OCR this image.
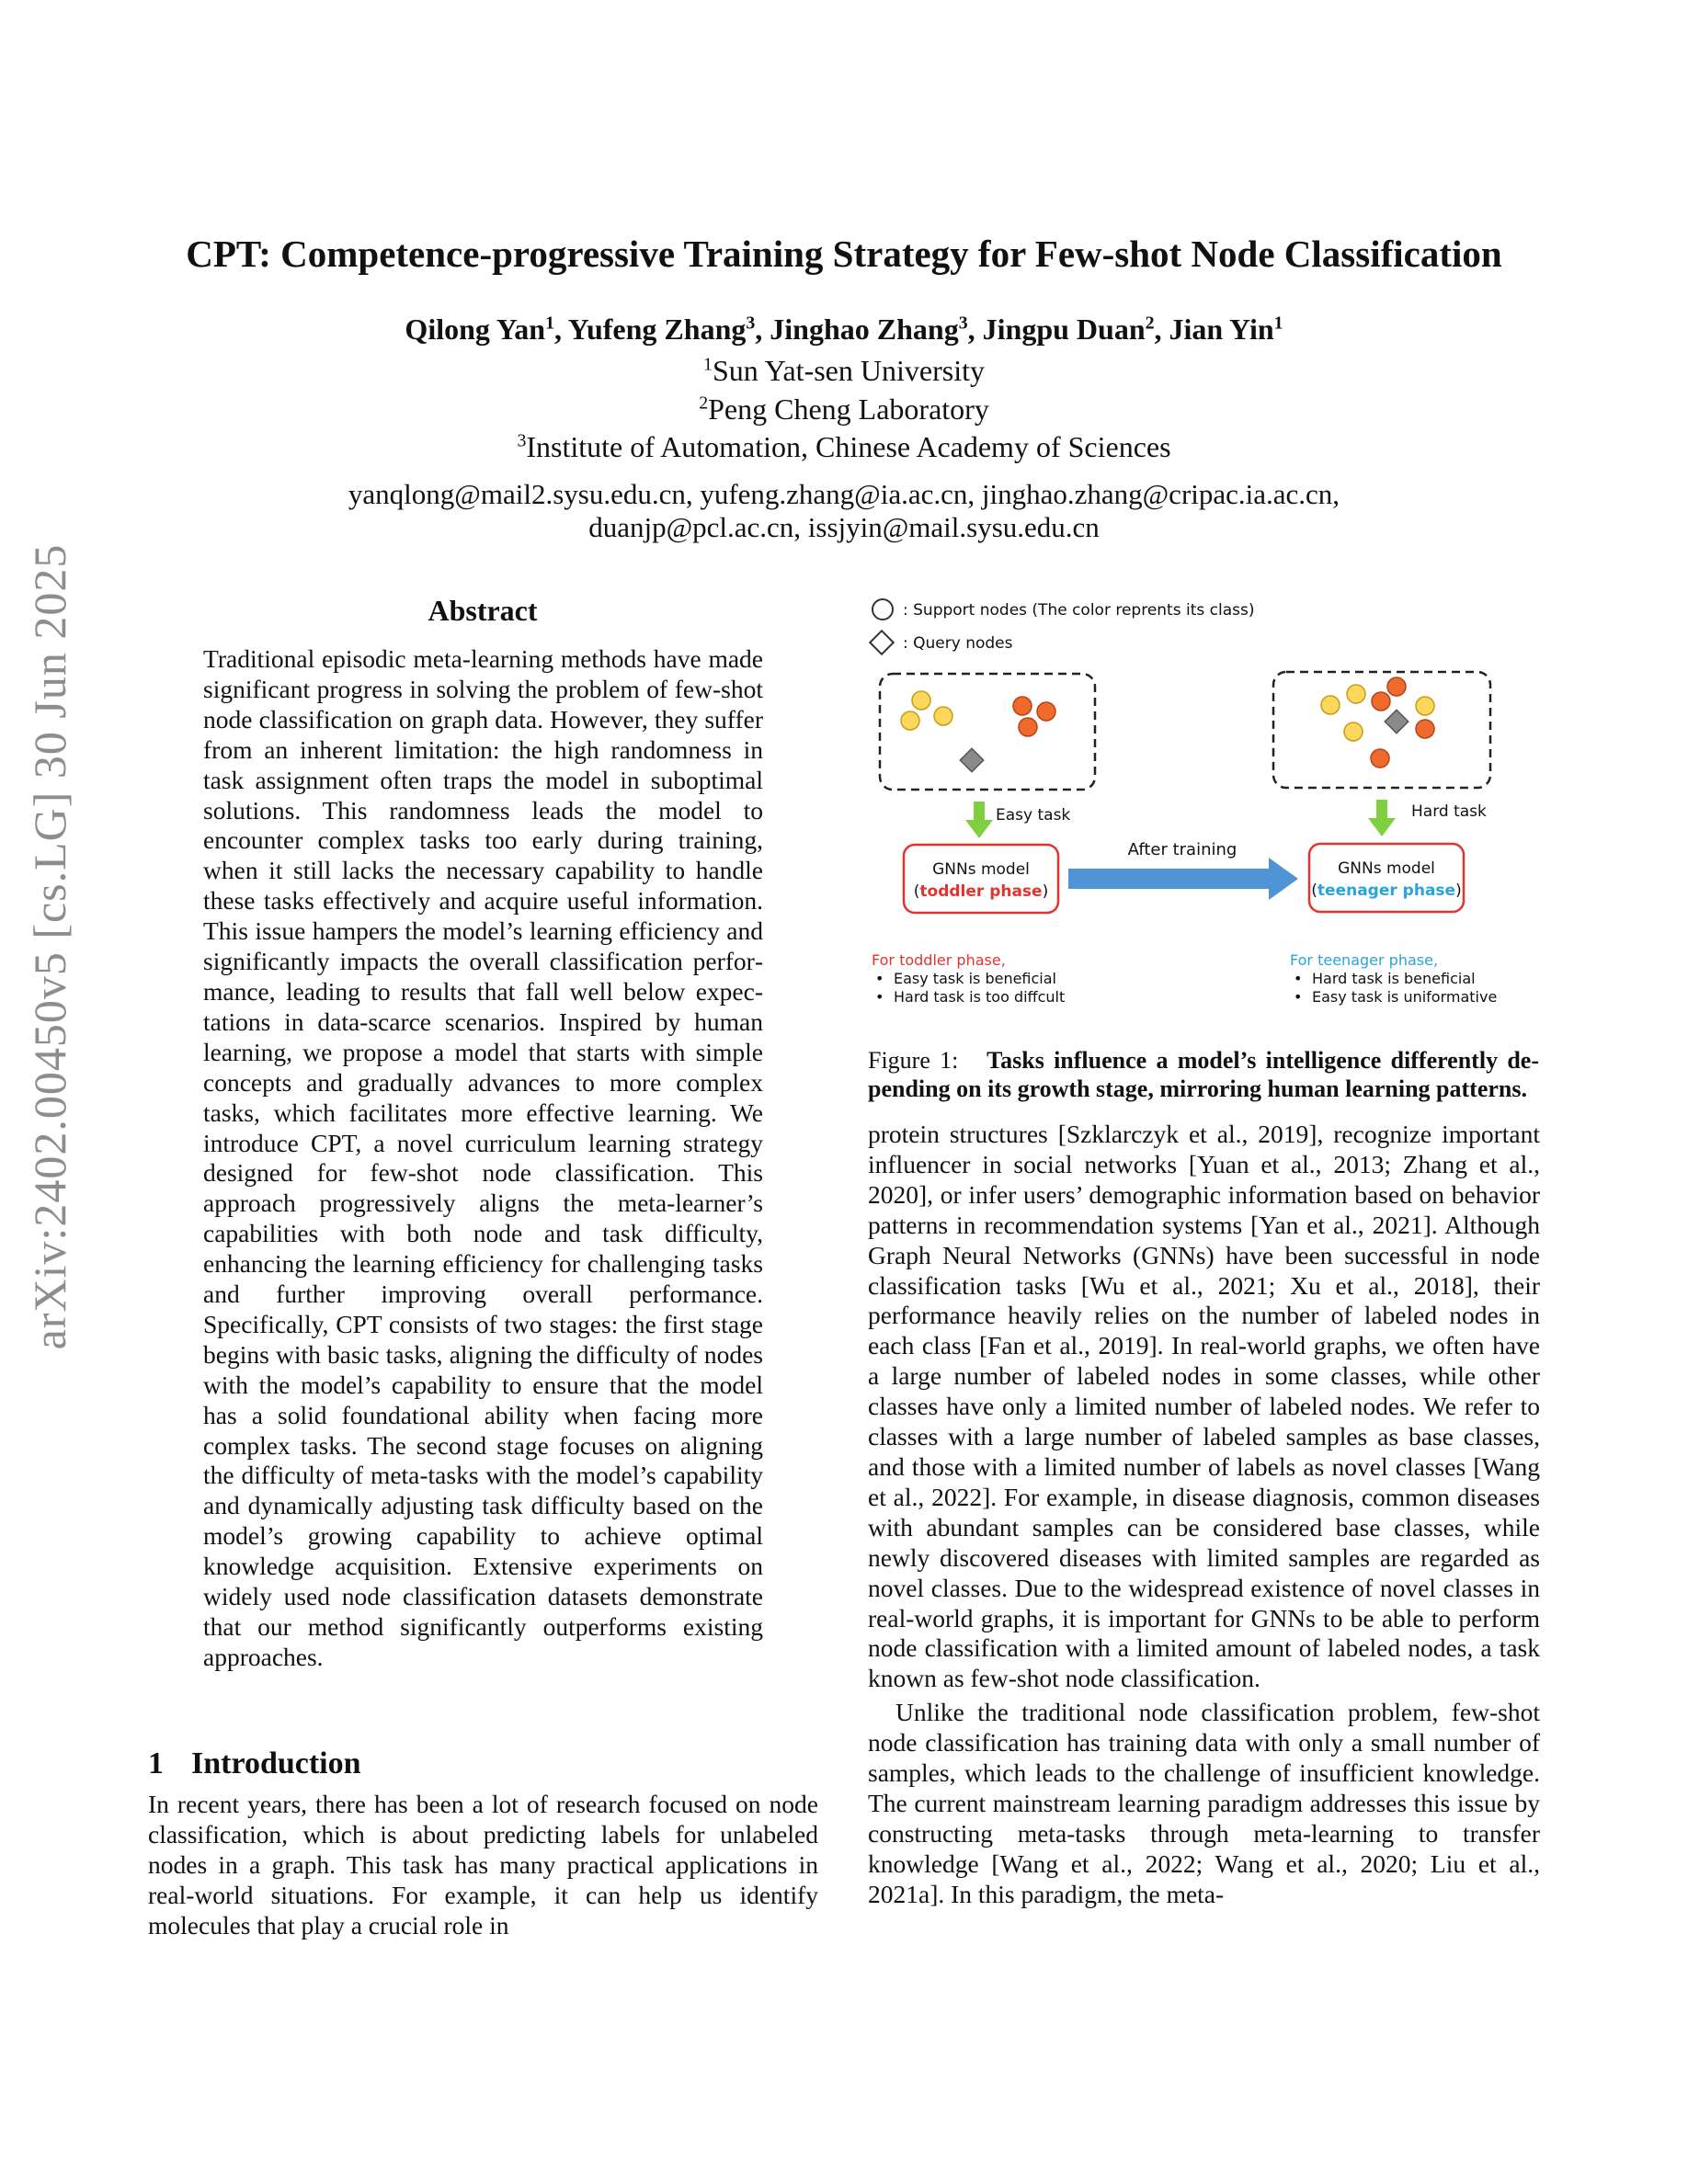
arXiv:2402.00450v5 [cs.LG] 30 Jun 2025
CPT: Competence-progressive Training Strategy for Few-shot Node Classification
Qilong Yan$^1$, Yufeng Zhang$^3$, Jinghao Zhang$^3$, Jingpu Duan$^2$, Jian Yin$^1$
$^1$Sun Yat-sen University
$^2$Peng Cheng Laboratory
$^3$Institute of Automation, Chinese Academy of Sciences
yanqlong@mail2.sysu.edu.cn, yufeng.zhang@ia.ac.cn, jinghao.zhang@cripac.ia.ac.cn,
duanjp@pcl.ac.cn, issjyin@mail.sysu.edu.cn
Abstract
Traditional episodic meta-learning methods have made significant progress in solving the problem of few-shot node classification on graph data. However, they suffer from an inherent limitation: the high randomness in task assignment often traps the model in suboptimal solutions. This randomness leads the model to encounter complex tasks too early during training, when it still lacks the necessary capability to handle these tasks effectively and acquire useful information. This issue hampers the model’s learning efficiency and significantly impacts the overall classification performance, leading to results that fall well below expectations in data-scarce scenarios. Inspired by human learning, we propose a model that starts with simple concepts and gradually advances to more complex tasks, which facilitates more effective learning. We introduce CPT, a novel curriculum learning strategy designed for few-shot node classification. This approach progressively aligns the meta-learner’s capabilities with both node and task difficulty, enhancing the learning efficiency for challenging tasks and further improving overall performance. Specifically, CPT consists of two stages: the first stage begins with basic tasks, aligning the difficulty of nodes with the model’s capability to ensure that the model has a solid foundational ability when facing more complex tasks. The second stage focuses on aligning the difficulty of meta-tasks with the model’s capability and dynamically adjusting task difficulty based on the model’s growing capability to achieve optimal knowledge acquisition. Extensive experiments on widely used node classification datasets demonstrate that our method significantly outperforms existing approaches.
1 Introduction

In recent years, there has been a lot of research focused on node classification, which is about predicting labels for unlabeled nodes in a graph. This task has many practical applications in real-world situations. For example, it can help us identify molecules that play a crucial role in

: Support nodes (The color reprents its class)
: Query nodes
Easy task	Hard task
GNNs model
(toddler phase)
GNNs model
(teenager phase)
After training
For toddler phase,
• Easy task is beneficial
• Hard task is too diffcult
For teenager phase,
• Hard task is beneficial
• Easy task is uniformative
Figure 1: Tasks influence a model’s intelligence differently depending on its growth stage, mirroring human learning patterns.

protein structures [Szklarczyk et al., 2019], recognize important influencer in social networks [Yuan et al., 2013; Zhang et al., 2020], or infer users’ demographic information based on behavior patterns in recommendation systems [Yan et al., 2021]. Although Graph Neural Networks (GNNs) have been successful in node classification tasks [Wu et al., 2021; Xu et al., 2018], their performance heavily relies on the number of labeled nodes in each class [Fan et al., 2019]. In real-world graphs, we often have a large number of labeled nodes in some classes, while other classes have only a limited number of labeled nodes. We refer to classes with a large number of labeled samples as base classes, and those with a limited number of labels as novel classes [Wang et al., 2022]. For example, in disease diagnosis, common diseases with abundant samples can be considered base classes, while newly discovered diseases with limited samples are regarded as novel classes. Due to the widespread existence of novel classes in real-world graphs, it is important for GNNs to be able to perform node classification with a limited amount of labeled nodes, a task known as few-shot node classification.

Unlike the traditional node classification problem, few-shot node classification has training data with only a small number of samples, which leads to the challenge of insufficient knowledge. The current mainstream learning paradigm addresses this issue by constructing meta-tasks through meta-learning to transfer knowledge [Wang et al., 2022; Wang et al., 2020; Liu et al., 2021a]. In this paradigm, the meta-
